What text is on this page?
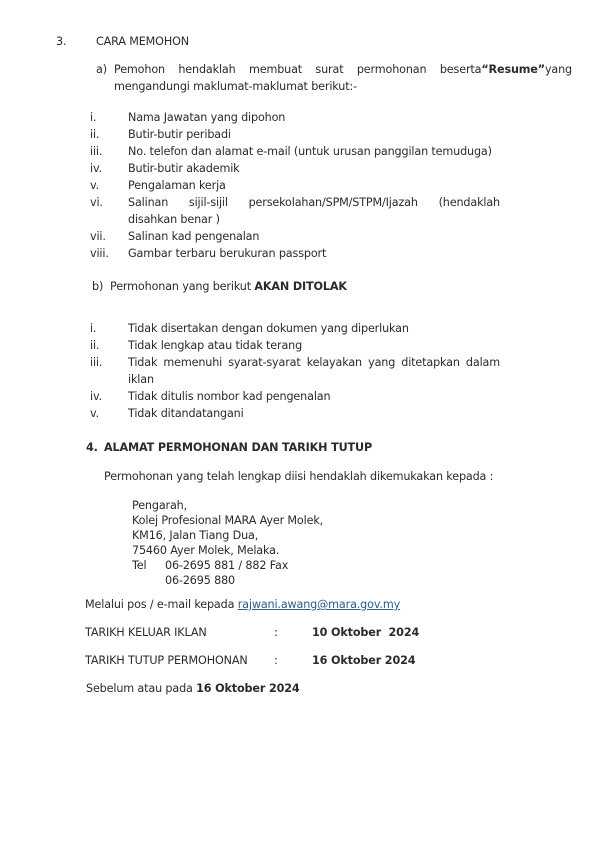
3.	CARA MEMOHON
a) Pemohon hendaklah membuat surat permohonan beserta “Resume” yang
mengandungi maklumat-maklumat berikut:-
i.	Nama Jawatan yang dipohon
ii.	Butir-butir peribadi
iii. No. telefon dan alamat e-mail (untuk urusan panggilan temuduga)
iv. Butir-butir akademik
v.	Pengalaman kerja
vi. Salinan sijil-sijil persekolahan/SPM/STPM/Ijazah (hendaklah
disahkan benar )
vii. Salinan kad pengenalan
viii. Gambar terbaru berukuran passport
b) Permohonan yang berikut AKAN DITOLAK
i.	Tidak disertakan dengan dokumen yang diperlukan
ii.	Tidak lengkap atau tidak terang
iii. Tidak memenuhi syarat-syarat kelayakan yang ditetapkan dalam
iklan
iv. Tidak ditulis nombor kad pengenalan
v.	Tidak ditandatangani
4. ALAMAT PERMOHONAN DAN TARIKH TUTUP
Permohonan yang telah lengkap diisi hendaklah dikemukakan kepada :
Pengarah,
Kolej Profesional MARA Ayer Molek,
KM16, Jalan Tiang Dua,
75460 Ayer Molek, Melaka.
Tel 06-2695 881 / 882 Fax
06-2695 880
Melalui pos / e-mail kepada rajwani.awang@mara.gov.my
TARIKH KELUAR IKLAN	:	10 Oktober  2024
TARIKH TUTUP PERMOHONAN :	16 Oktober 2024
Sebelum atau pada 16 Oktober 2024
